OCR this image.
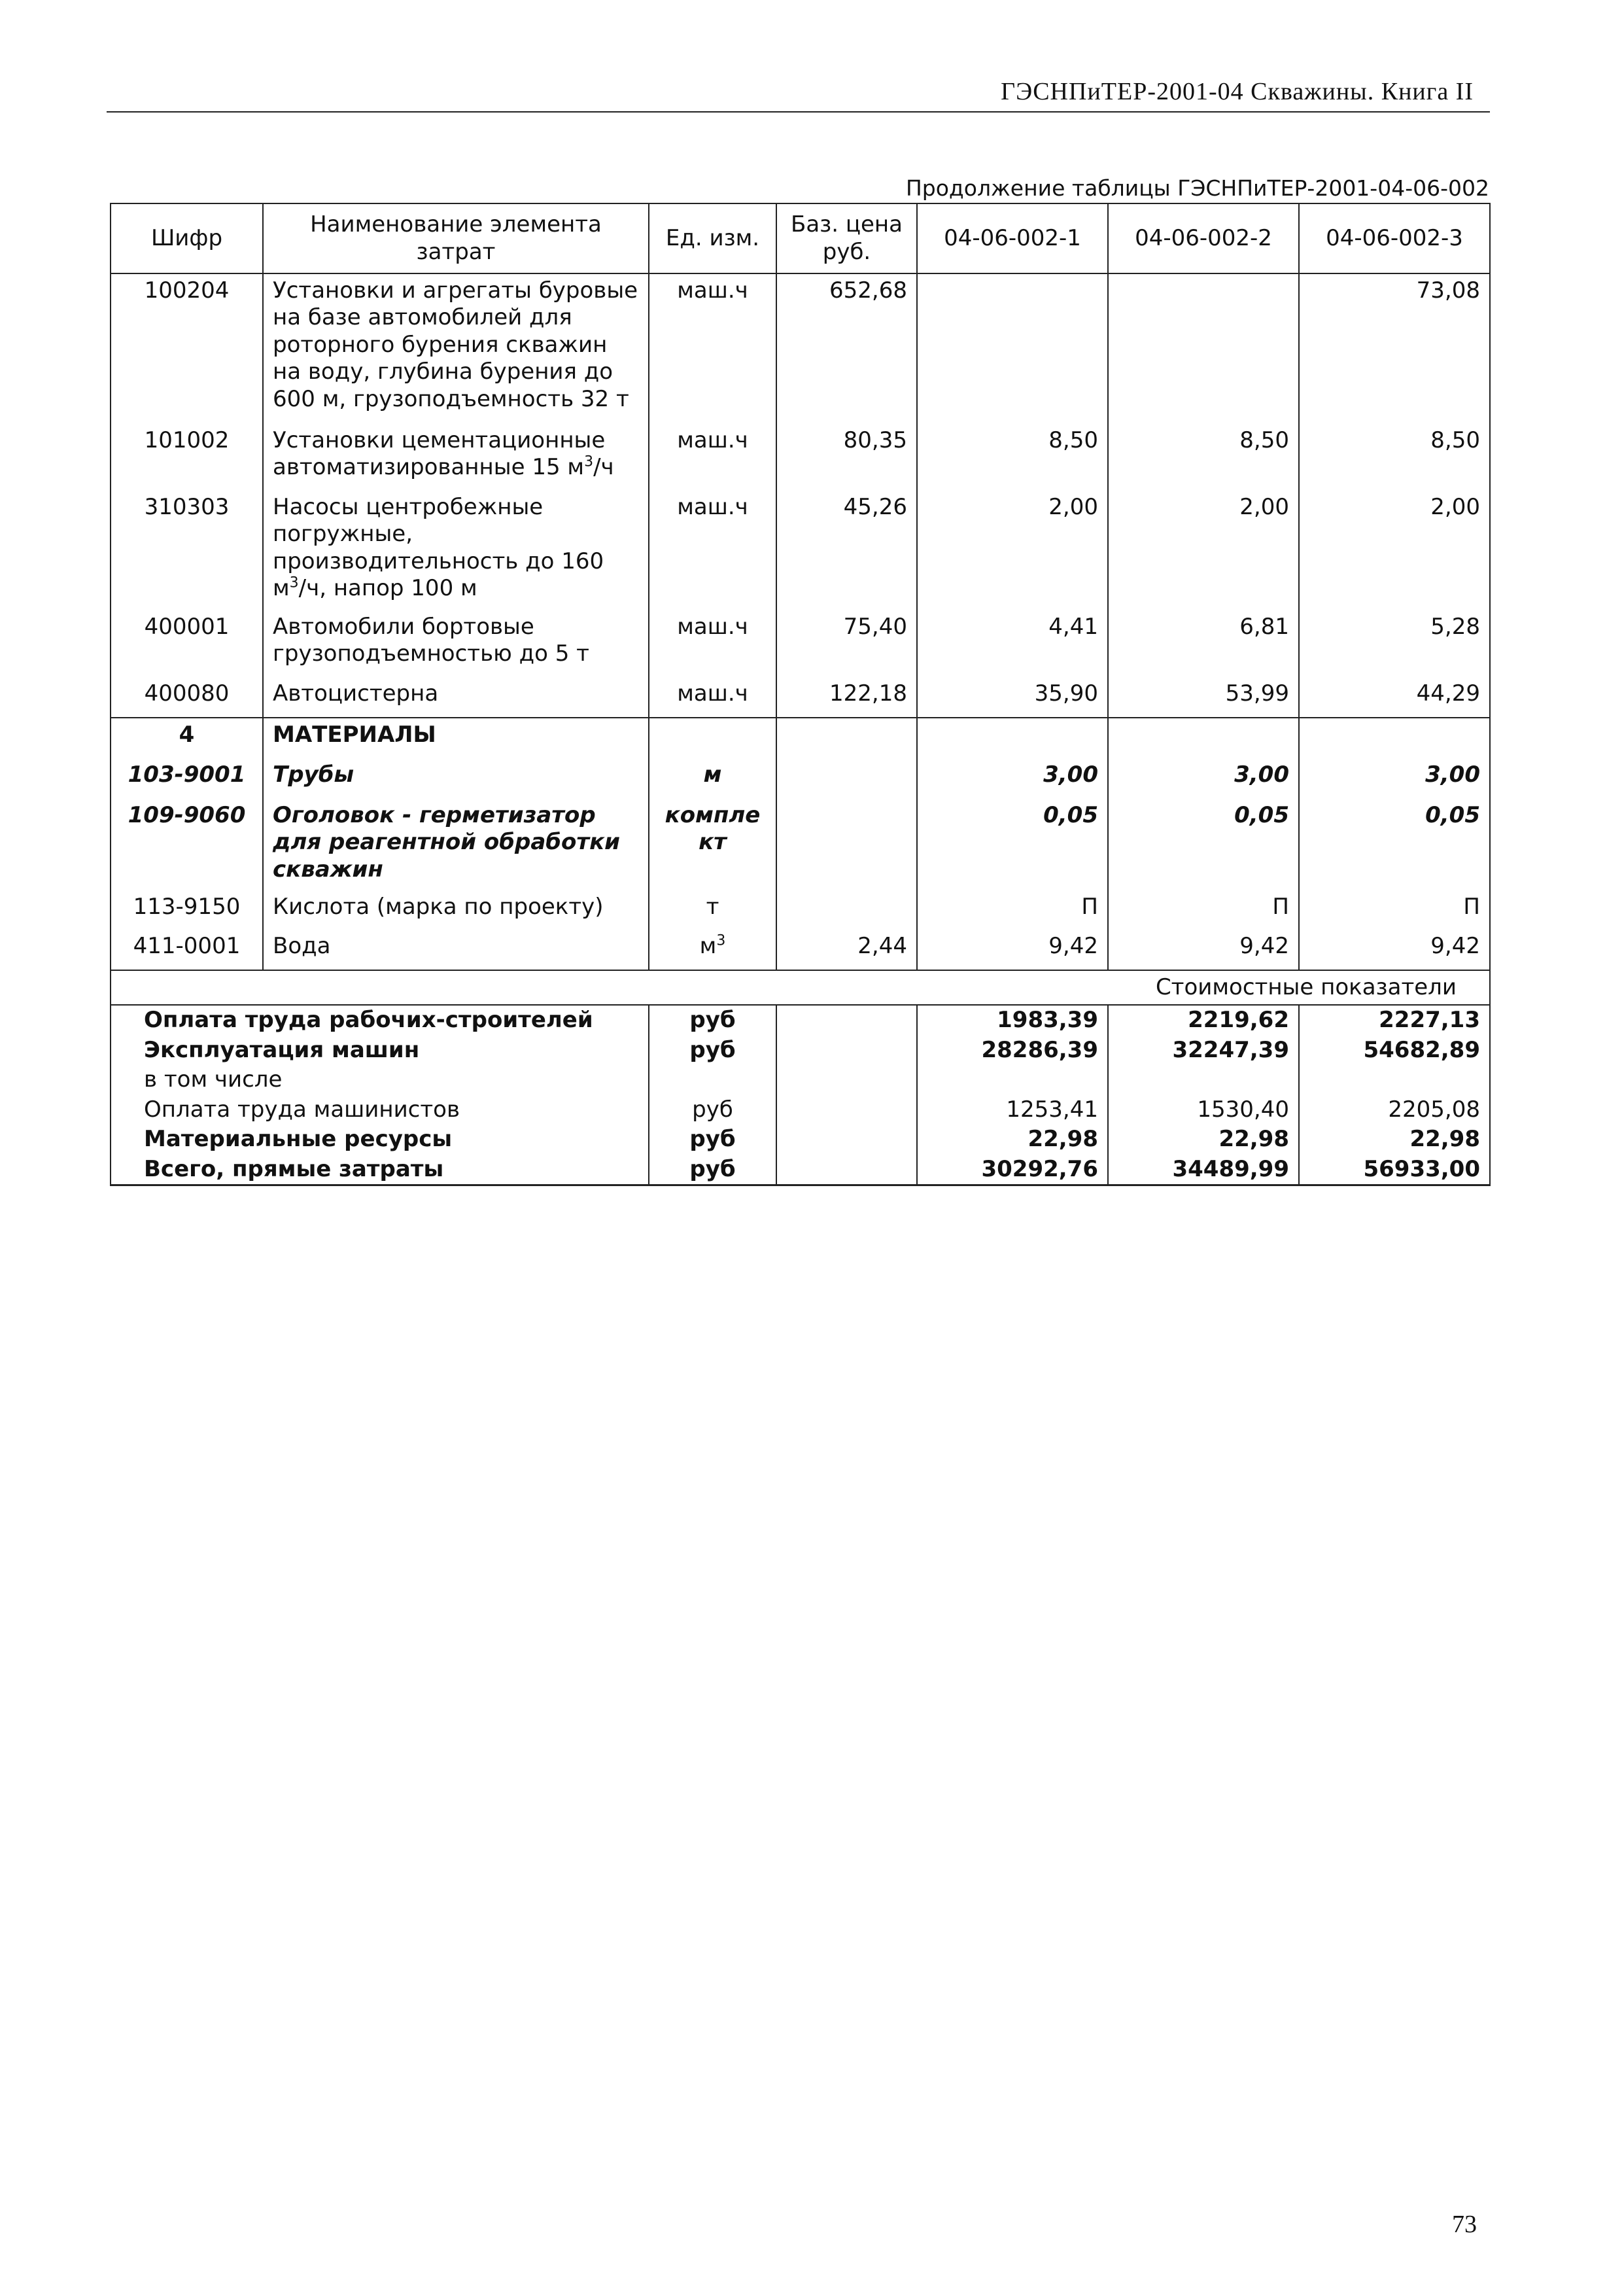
ГЭСНПиТЕР-2001-04 Скважины. Книга II
Продолжение таблицы ГЭСНПиТЕР-2001-04-06-002
Шифр	Наименование элемента затрат	Ед. изм.	Баз. цена руб.	04-06-002-1	04-06-002-2	04-06-002-3
100204	Установки и агрегаты буровые на базе автомобилей для роторного бурения скважин на воду, глубина бурения до 600 м, грузоподъемность 32 т	маш.ч	652,68			73,08
101002	Установки цементационные автоматизированные 15 $м^3/ч$	маш.ч	80,35	8,50	8,50	8,50
310303	Насосы центробежные погружные, производительность до 160 $м^3/ч$, напор 100 м	маш.ч	45,26	2,00	2,00	2,00
400001	Автомобили бортовые грузоподъемностью до 5 т	маш.ч	75,40	4,41	6,81	5,28
400080	Автоцистерна	маш.ч	122,18	35,90	53,99	44,29
4	МАТЕРИАЛЫ					
103-9001	Трубы	м		3,00	3,00	3,00
109-9060	Оголовок - герметизатор для реагентной обработки скважин	комплект		0,05	0,05	0,05
113-9150	Кислота (марка по проекту)	т		П	П	П
411-0001	Вода	$м^3$	2,44	9,42	9,42	9,42
Стоимостные показатели						
Оплата труда рабочих-строителей		руб		1983,39	2219,62	2227,13
Эксплуатация машин		руб		28286,39	32247,39	54682,89
в том числе						
Оплата труда машинистов		руб		1253,41	1530,40	2205,08
Материальные ресурсы		руб		22,98	22,98	22,98
Всего, прямые затраты		руб		30292,76	34489,99	56933,00
73
